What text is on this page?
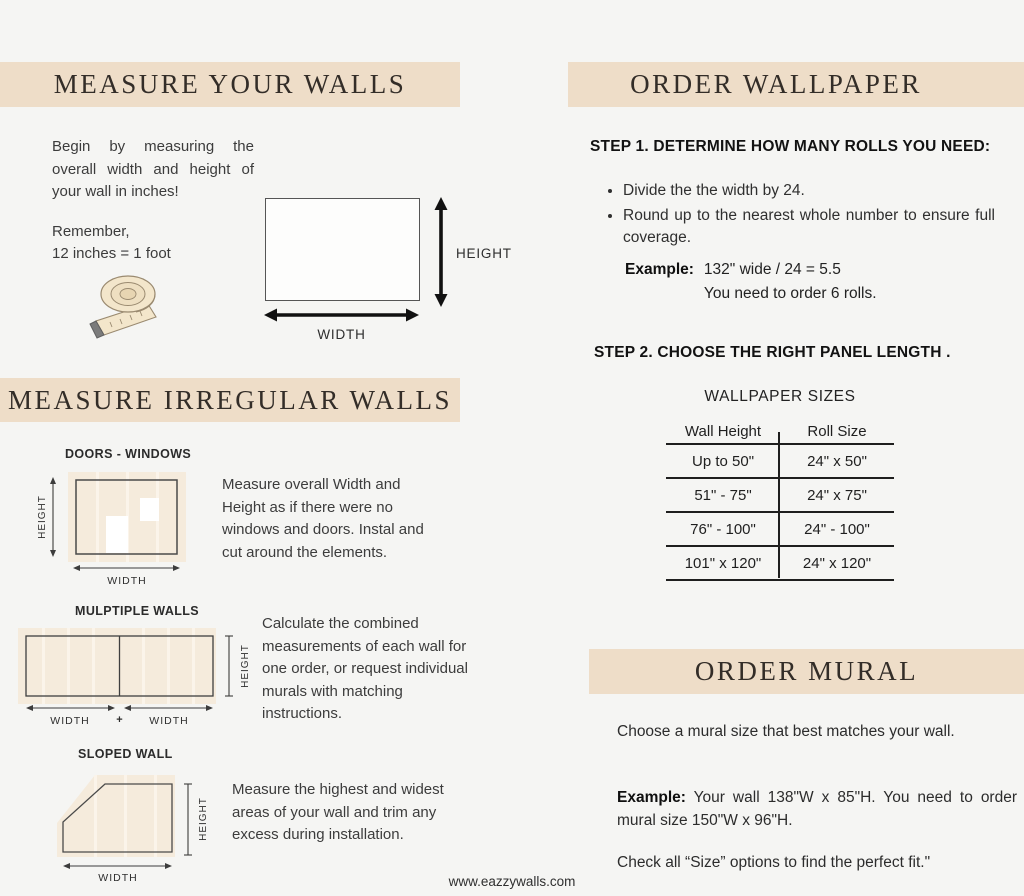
MEASURE YOUR WALLS
Begin by measuring the overall width and height of your wall in inches!
Remember,
12 inches = 1 foot	HEIGHT
WIDTH
MEASURE IRREGULAR WALLS
DOORS - WINDOWS
HEIGHT
WIDTH
Measure overall Width and Height as if there were no windows and doors. Instal and cut around the elements.
MULPTIPLE WALLS
HEIGHT
WIDTH +	WIDTH
Calculate the combined measurements of each wall for one order, or request individual murals with matching instructions.
SLOPED WALL
HEIGHT
WIDTH
Measure the highest and widest areas of your wall and trim any excess during installation.
ORDER WALLPAPER
STEP 1. DETERMINE HOW MANY ROLLS YOU NEED:
• Divide the the width by 24.
• Round up to the nearest whole number to ensure full coverage.
Example: 132" wide / 24 = 5.5
You need to order 6 rolls.
STEP 2. CHOOSE THE RIGHT PANEL LENGTH .
WALLPAPER SIZES
Wall Height	Roll Size
Up to 50"	24" x 50"
51" - 75"	24" x 75"
76" - 100"	24" - 100"
101" x 120"	24" x 120"
ORDER MURAL
Choose a mural size that best matches your wall.
Example: Your wall 138"W x 85"H. You need to order mural size 150"W x 96"H.
Check all “Size” options to find the perfect fit."
www.eazzywalls.com
